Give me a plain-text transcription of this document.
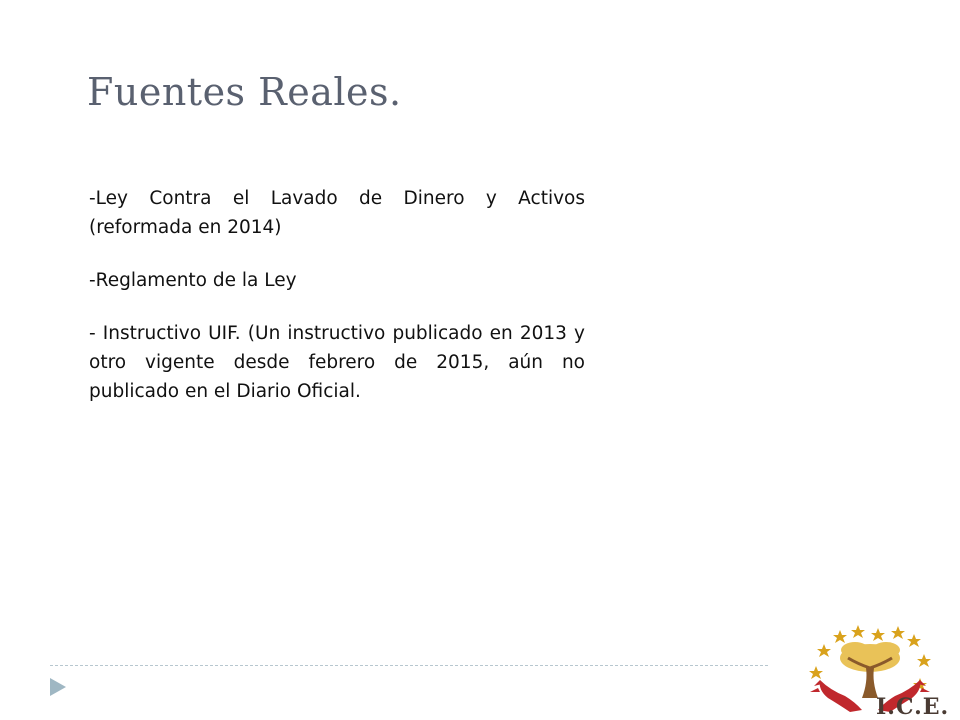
Fuentes Reales.

-Ley Contra el Lavado de Dinero y Activos (reformada en 2014)

-Reglamento de la Ley

- Instructivo UIF. (Un instructivo publicado en 2013 y otro vigente desde febrero de 2015, aún no publicado en el Diario Oficial.

I.C.E.
